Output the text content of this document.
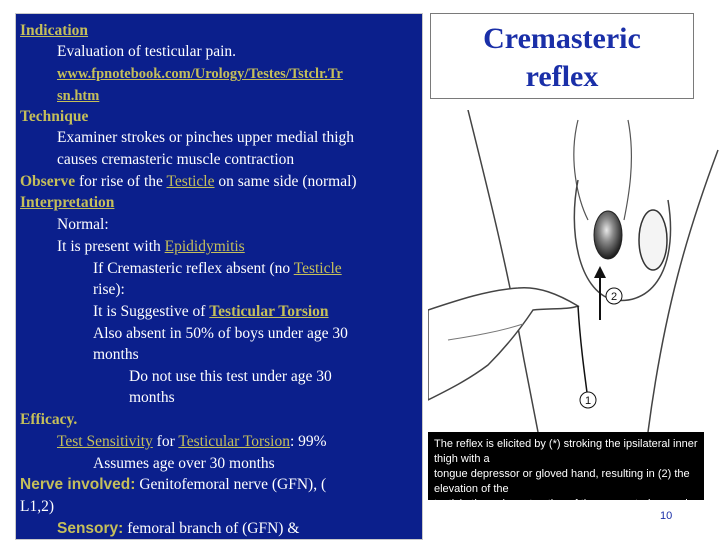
Indication
Evaluation of testicular pain.
www.fpnotebook.com/Urology/Testes/Tstclr.Tr
sn.htm
Technique
Examiner strokes or pinches upper medial thigh
causes cremasteric muscle contraction
Observe for rise of the Testicle on same side (normal)
Interpretation
Normal:
It is present with Epididymitis
If Cremasteric reflex absent (no Testicle
rise):
It is Suggestive of Testicular Torsion
Also absent in 50% of boys under age 30
months
Do not use this test under age 30
months
Efficacy.
Test Sensitivity for Testicular Torsion: 99%
Assumes age over 30 months
Nerve involved: Genitofemoral nerve (GFN), (
L1,2)
Sensory: femoral branch of (GFN) &
Cremasteric
reflex
2
1
The reflex is elicited by (*) stroking the ipsilateral inner thigh with a
tongue depressor or gloved hand, resulting in (2) the elevation of the
testicle through contraction of the cremasteric muscle.
10
